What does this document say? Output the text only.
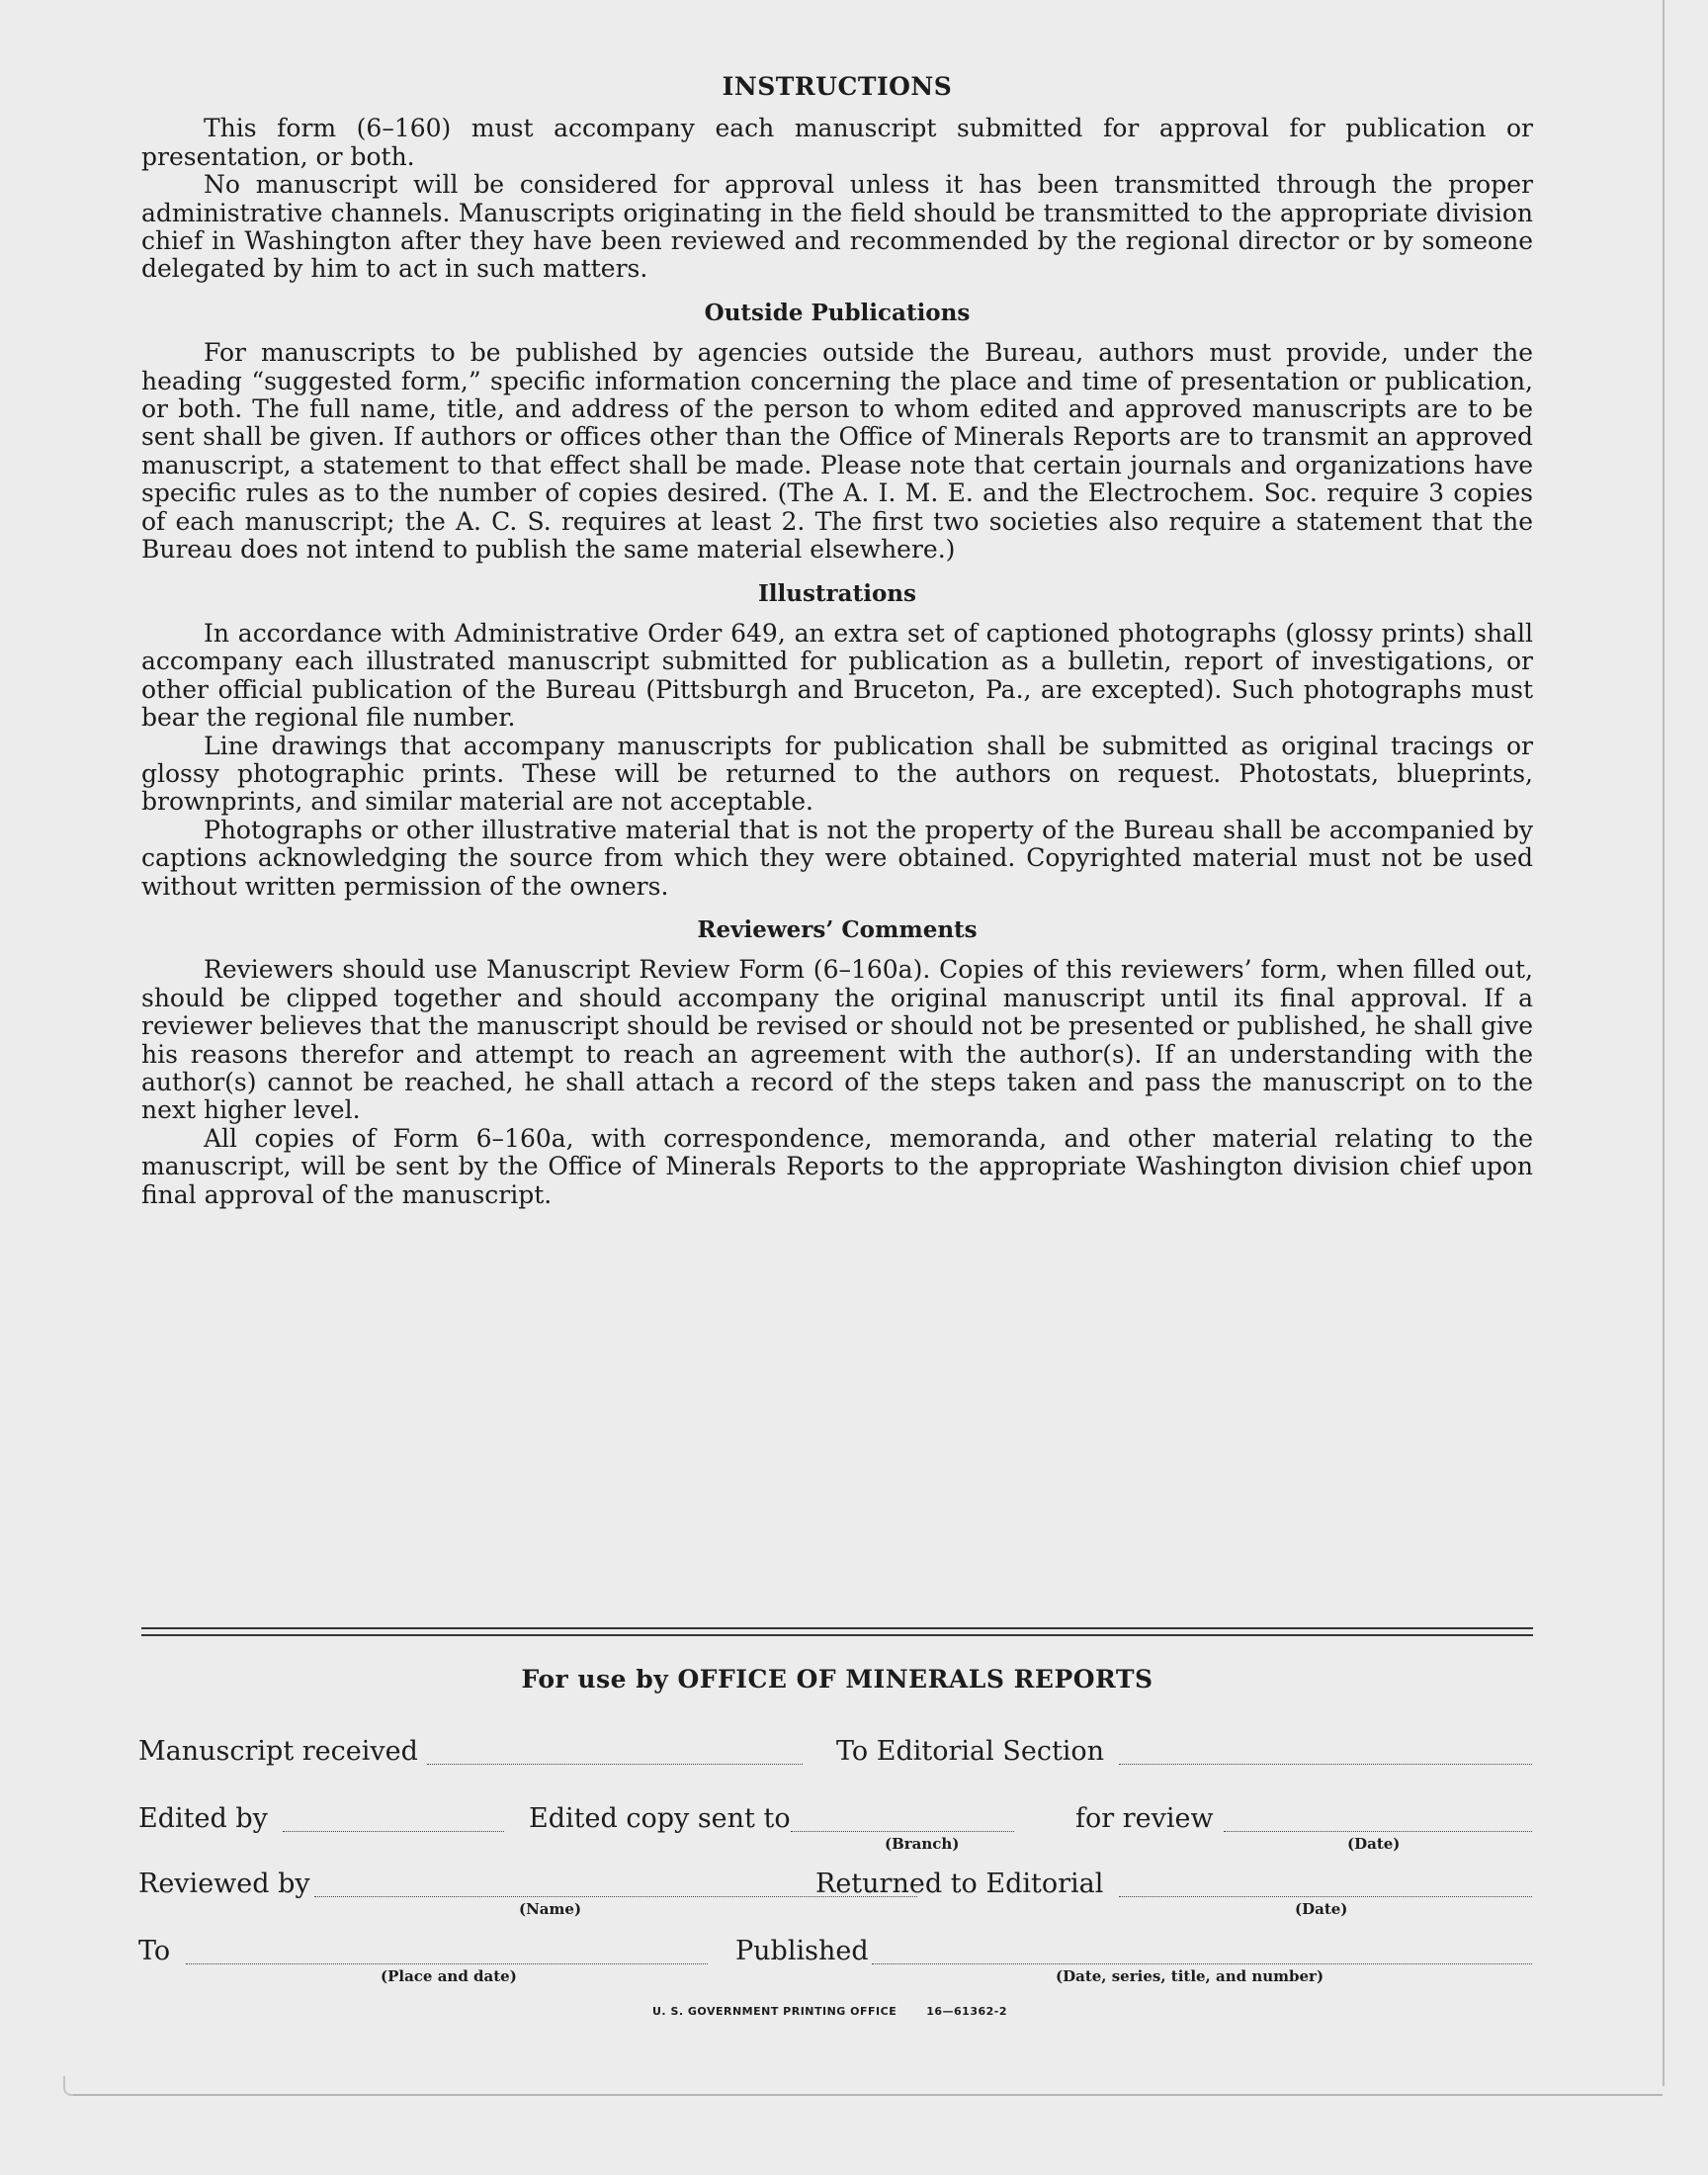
INSTRUCTIONS

This form (6–160) must accompany each manuscript submitted for approval for publication or presentation, or both.

No manuscript will be considered for approval unless it has been transmitted through the proper administrative channels. Manuscripts originating in the field should be transmitted to the appropriate division chief in Washington after they have been reviewed and recommended by the regional director or by someone delegated by him to act in such matters.

Outside Publications

For manuscripts to be published by agencies outside the Bureau, authors must provide, under the heading “suggested form,” specific information concerning the place and time of presentation or publication, or both. The full name, title, and address of the person to whom edited and approved manuscripts are to be sent shall be given. If authors or offices other than the Office of Minerals Reports are to transmit an approved manuscript, a statement to that effect shall be made. Please note that certain journals and organizations have specific rules as to the number of copies desired. (The A. I. M. E. and the Electrochem. Soc. require 3 copies of each manuscript; the A. C. S. requires at least 2. The first two societies also require a statement that the Bureau does not intend to publish the same material elsewhere.)

Illustrations

In accordance with Administrative Order 649, an extra set of captioned photographs (glossy prints) shall accompany each illustrated manuscript submitted for publication as a bulletin, report of investigations, or other official publication of the Bureau (Pittsburgh and Bruceton, Pa., are excepted). Such photographs must bear the regional file number.

Line drawings that accompany manuscripts for publication shall be submitted as original tracings or glossy photographic prints. These will be returned to the authors on request. Photostats, blueprints, brownprints, and similar material are not acceptable.

Photographs or other illustrative material that is not the property of the Bureau shall be accompanied by captions acknowledging the source from which they were obtained. Copyrighted material must not be used without written permission of the owners.

Reviewers’ Comments

Reviewers should use Manuscript Review Form (6–160a). Copies of this reviewers’ form, when filled out, should be clipped together and should accompany the original manuscript until its final approval. If a reviewer believes that the manuscript should be revised or should not be presented or published, he shall give his reasons therefor and attempt to reach an agreement with the author(s). If an understanding with the author(s) cannot be reached, he shall attach a record of the steps taken and pass the manuscript on to the next higher level.

All copies of Form 6–160a, with correspondence, memoranda, and other material relating to the manuscript, will be sent by the Office of Minerals Reports to the appropriate Washington division chief upon final approval of the manuscript.

For use by OFFICE OF MINERALS REPORTS
Manuscript received	To Editorial Section
Edited by	Edited copy sent to	for review
(Branch)	(Date)
Reviewed by	Returned to Editorial
(Name)	(Date)
To	Published
(Place and date)	(Date, series, title, and number)
U. S. GOVERNMENT PRINTING OFFICE	16—61362-2
